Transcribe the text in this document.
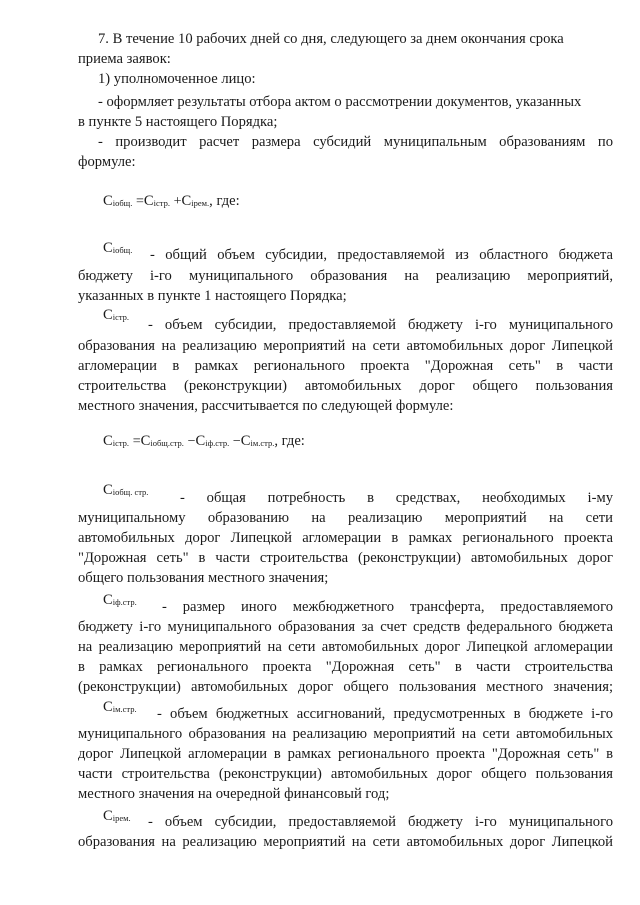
7. В течение 10 рабочих дней со дня, следующего за днем окончания срока
приема заявок:
1) уполномоченное лицо:
- оформляет результаты отбора актом о рассмотрении документов, указанных
в пункте 5 настоящего Порядка;
- производит расчет размера субсидий муниципальным образованиям по
формуле:
$C_{iобщ.} =C_{iстр.} +C_{iрем.}$, где:
$C_{iобщ.}$ - общий объем субсидии, предоставляемой из областного бюджета
бюджету i-го муниципального образования на реализацию мероприятий,
указанных в пункте 1 настоящего Порядка;
$C_{iстр.}$ - объем субсидии, предоставляемой бюджету i-го муниципального
образования на реализацию мероприятий на сети автомобильных дорог Липецкой
агломерации в рамках регионального проекта "Дорожная сеть" в части
строительства (реконструкции) автомобильных дорог общего пользования
местного значения, рассчитывается по следующей формуле:
$C_{iстр.} =C_{iобщ.стр.} -C_{iф.стр.} -C_{iм.стр.}$, где:
$C_{iобщ. стр.}$ - общая потребность в средствах, необходимых i-му
муниципальному образованию на реализацию мероприятий на сети
автомобильных дорог Липецкой агломерации в рамках регионального проекта
"Дорожная сеть" в части строительства (реконструкции) автомобильных дорог
общего пользования местного значения;
$C_{iф.стр.}$ - размер иного межбюджетного трансферта, предоставляемого
бюджету i-го муниципального образования за счет средств федерального бюджета
на реализацию мероприятий на сети автомобильных дорог Липецкой агломерации
в рамках регионального проекта "Дорожная сеть" в части строительства
(реконструкции) автомобильных дорог общего пользования местного значения;
$C_{iм.стр.}$ - объем бюджетных ассигнований, предусмотренных в бюджете i-го
муниципального образования на реализацию мероприятий на сети автомобильных
дорог Липецкой агломерации в рамках регионального проекта "Дорожная сеть" в
части строительства (реконструкции) автомобильных дорог общего пользования
местного значения на очередной финансовый год;
$C_{iрем.}$ - объем субсидии, предоставляемой бюджету i-го муниципального
образования на реализацию мероприятий на сети автомобильных дорог Липецкой
